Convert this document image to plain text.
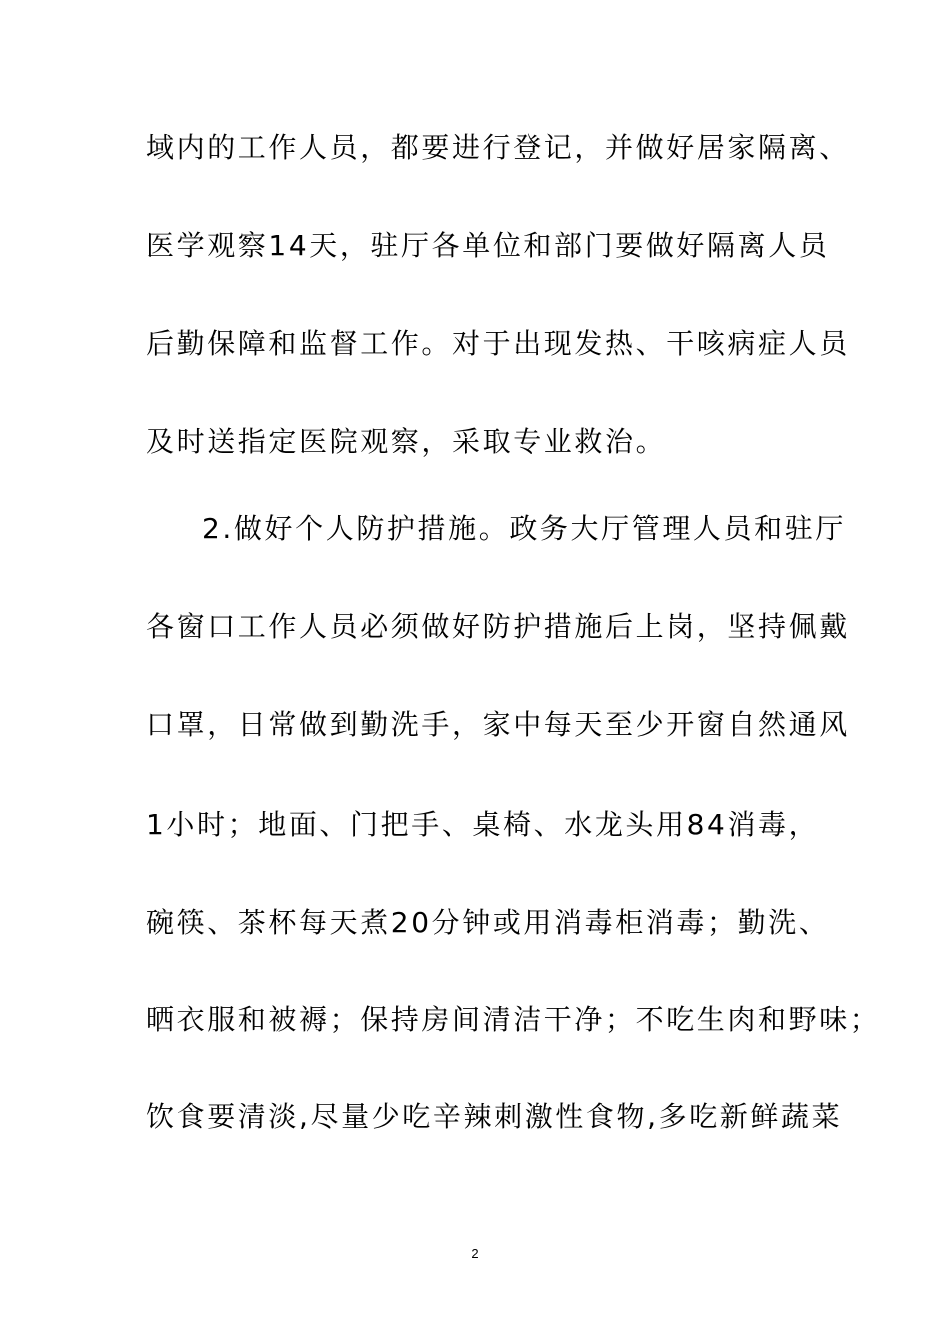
域内的工作人员，都要进行登记，并做好居家隔离、
医学观察14天，驻厅各单位和部门要做好隔离人员
后勤保障和监督工作。对于出现发热、干咳病症人员
及时送指定医院观察，采取专业救治。
2.做好个人防护措施。政务大厅管理人员和驻厅
各窗口工作人员必须做好防护措施后上岗，坚持佩戴
口罩，日常做到勤洗手，家中每天至少开窗自然通风
1小时；地面、门把手、桌椅、水龙头用84消毒，
碗筷、茶杯每天煮20分钟或用消毒柜消毒；勤洗、
晒衣服和被褥；保持房间清洁干净；不吃生肉和野味；
饮食要清淡,尽量少吃辛辣刺激性食物,多吃新鲜蔬菜
2
